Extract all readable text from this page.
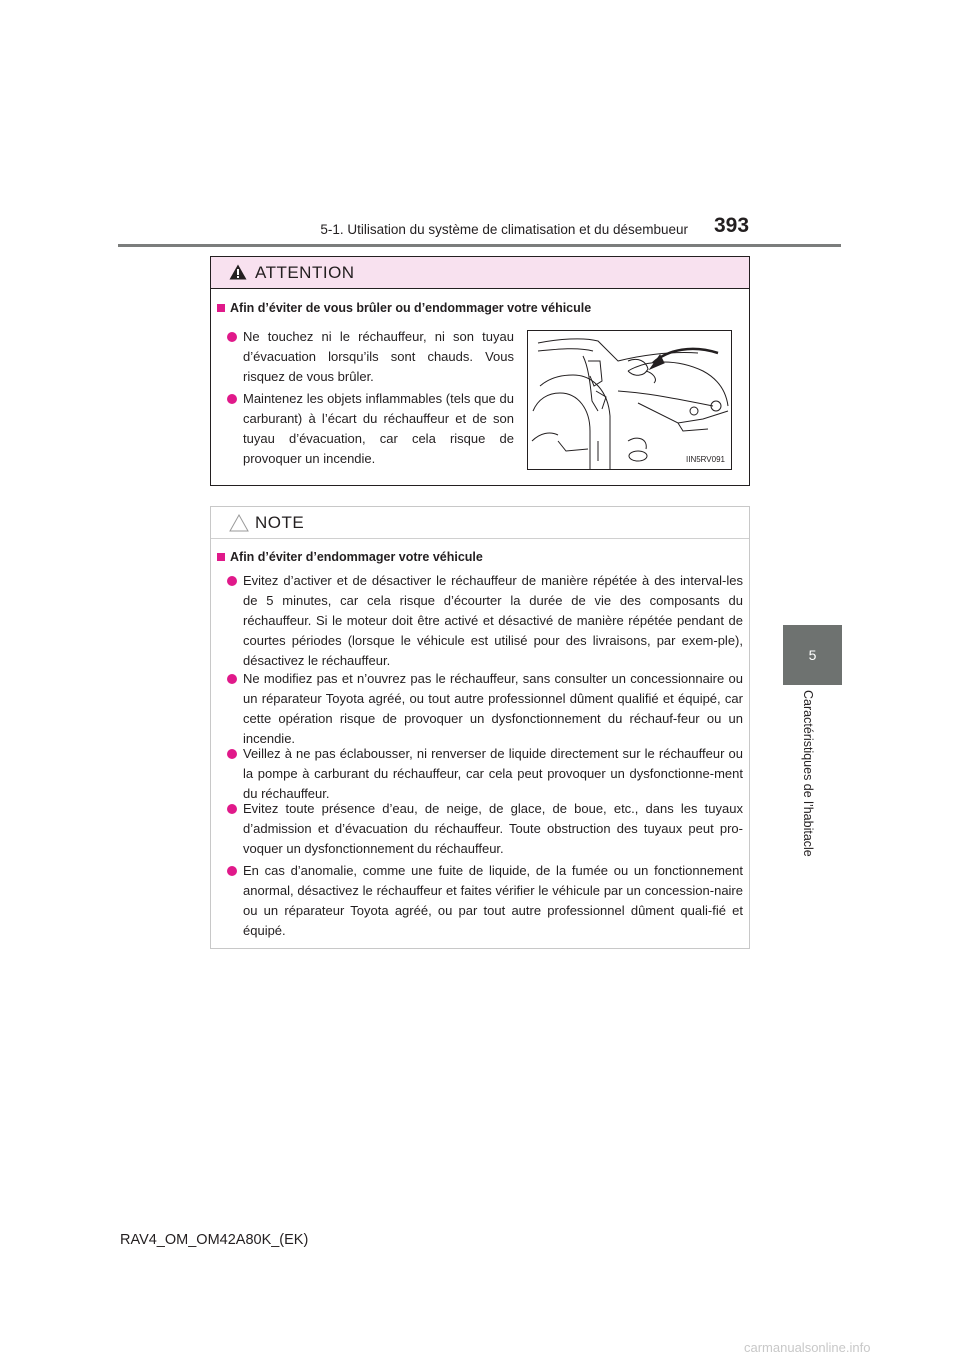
5-1. Utilisation du système de climatisation et du désembueur 393
5
Caractéristiques de l’habitacle
ATTENTION
Afin d’éviter de vous brûler ou d’endommager votre véhicule
Ne touchez ni le réchauffeur, ni son tuyau d’évacuation lorsqu’ils sont chauds. Vous risquez de vous brûler.
Maintenez les objets inflammables (tels que du carburant) à l’écart du réchauffeur et de son tuyau d’évacuation, car cela risque de provoquer un incendie.	IIN5RV091
NOTE
Afin d’éviter d’endommager votre véhicule
Evitez d’activer et de désactiver le réchauffeur de manière répétée à des interval-les de 5 minutes, car cela risque d’écourter la durée de vie des composants du réchauffeur. Si le moteur doit être activé et désactivé de manière répétée pendant de courtes périodes (lorsque le véhicule est utilisé pour des livraisons, par exem-ple), désactivez le réchauffeur.
Ne modifiez pas et n’ouvrez pas le réchauffeur, sans consulter un concessionnaire ou un réparateur Toyota agréé, ou tout autre professionnel dûment qualifié et équipé, car cette opération risque de provoquer un dysfonctionnement du réchauf-feur ou un incendie.
Veillez à ne pas éclabousser, ni renverser de liquide directement sur le réchauffeur ou la pompe à carburant du réchauffeur, car cela peut provoquer un dysfonctionne-ment du réchauffeur.
Evitez toute présence d’eau, de neige, de glace, de boue, etc., dans les tuyaux d’admission et d’évacuation du réchauffeur. Toute obstruction des tuyaux peut pro-voquer un dysfonctionnement du réchauffeur.
En cas d’anomalie, comme une fuite de liquide, de la fumée ou un fonctionnement anormal, désactivez le réchauffeur et faites vérifier le véhicule par un concession-naire ou un réparateur Toyota agréé, ou par tout autre professionnel dûment quali-fié et équipé.
RAV4_OM_OM42A80K_(EK)
carmanualsonline.info
